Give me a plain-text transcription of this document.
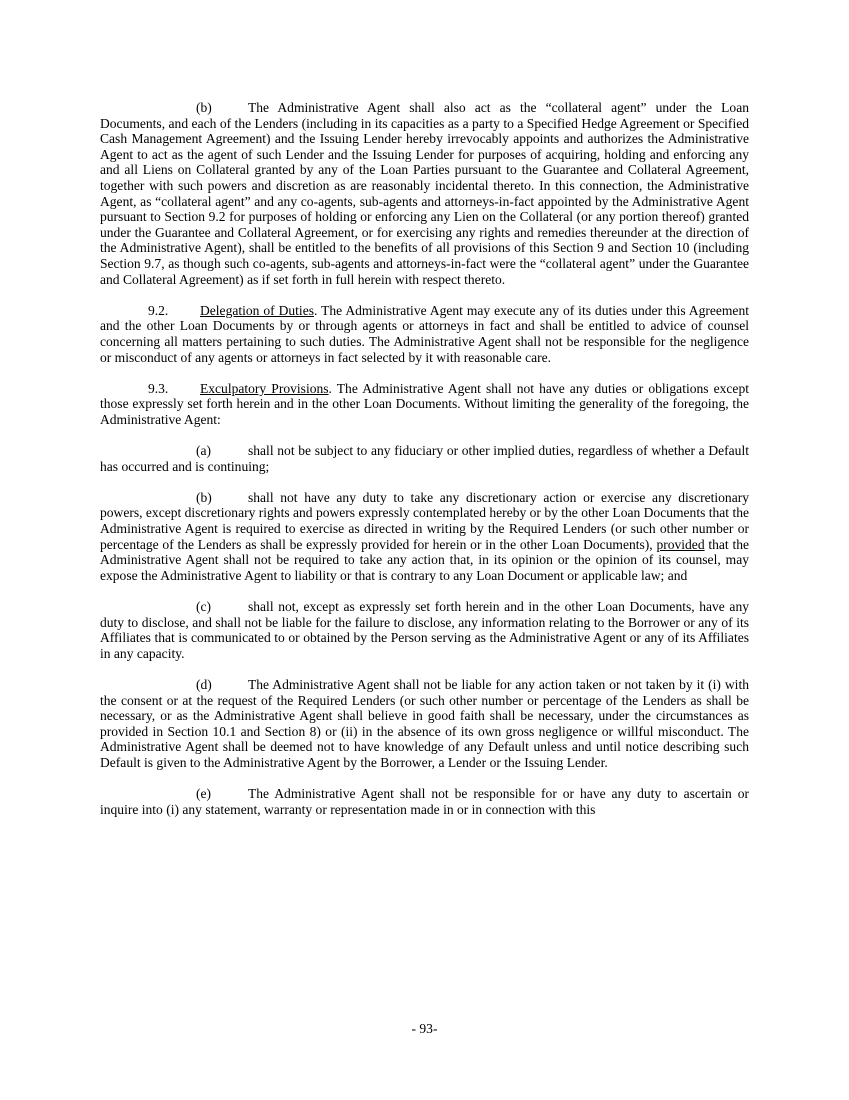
(b)	The Administrative Agent shall also act as the “collateral agent” under the Loan Documents, and each of the Lenders (including in its capacities as a party to a Specified Hedge Agreement or Specified Cash Management Agreement) and the Issuing Lender hereby irrevocably appoints and authorizes the Administrative Agent to act as the agent of such Lender and the Issuing Lender for purposes of acquiring, holding and enforcing any and all Liens on Collateral granted by any of the Loan Parties pursuant to the Guarantee and Collateral Agreement, together with such powers and discretion as are reasonably incidental thereto. In this connection, the Administrative Agent, as “collateral agent” and any co-agents, sub-agents and attorneys-in-fact appointed by the Administrative Agent pursuant to Section 9.2 for purposes of holding or enforcing any Lien on the Collateral (or any portion thereof) granted under the Guarantee and Collateral Agreement, or for exercising any rights and remedies thereunder at the direction of the Administrative Agent), shall be entitled to the benefits of all provisions of this Section 9 and Section 10 (including Section 9.7, as though such co-agents, sub-agents and attorneys-in-fact were the “collateral agent” under the Guarantee and Collateral Agreement) as if set forth in full herein with respect thereto.

9.2. Delegation of Duties. The Administrative Agent may execute any of its duties under this Agreement and the other Loan Documents by or through agents or attorneys in fact and shall be entitled to advice of counsel concerning all matters pertaining to such duties. The Administrative Agent shall not be responsible for the negligence or misconduct of any agents or attorneys in fact selected by it with reasonable care.

9.3. Exculpatory Provisions. The Administrative Agent shall not have any duties or obligations except those expressly set forth herein and in the other Loan Documents. Without limiting the generality of the foregoing, the Administrative Agent:

(a)	shall not be subject to any fiduciary or other implied duties, regardless of whether a Default has occurred and is continuing;

(b)	shall not have any duty to take any discretionary action or exercise any discretionary powers, except discretionary rights and powers expressly contemplated hereby or by the other Loan Documents that the Administrative Agent is required to exercise as directed in writing by the Required Lenders (or such other number or percentage of the Lenders as shall be expressly provided for herein or in the other Loan Documents), provided that the Administrative Agent shall not be required to take any action that, in its opinion or the opinion of its counsel, may expose the Administrative Agent to liability or that is contrary to any Loan Document or applicable law; and

(c)	shall not, except as expressly set forth herein and in the other Loan Documents, have any duty to disclose, and shall not be liable for the failure to disclose, any information relating to the Borrower or any of its Affiliates that is communicated to or obtained by the Person serving as the Administrative Agent or any of its Affiliates in any capacity.

(d)	The Administrative Agent shall not be liable for any action taken or not taken by it (i) with the consent or at the request of the Required Lenders (or such other number or percentage of the Lenders as shall be necessary, or as the Administrative Agent shall believe in good faith shall be necessary, under the circumstances as provided in Section 10.1 and Section 8) or (ii) in the absence of its own gross negligence or willful misconduct. The Administrative Agent shall be deemed not to have knowledge of any Default unless and until notice describing such Default is given to the Administrative Agent by the Borrower, a Lender or the Issuing Lender.

(e)	The Administrative Agent shall not be responsible for or have any duty to ascertain or inquire into (i) any statement, warranty or representation made in or in connection with this

- 93-
